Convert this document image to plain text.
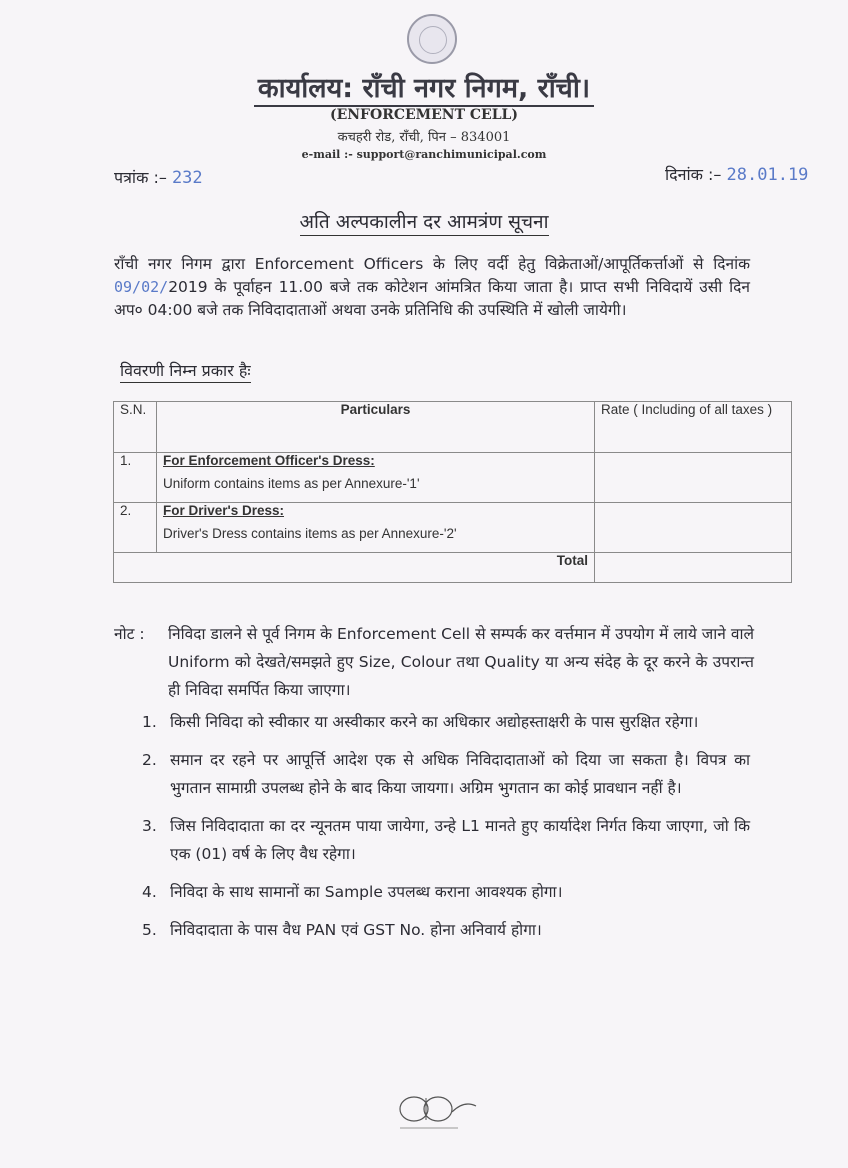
कार्यालय: राँची नगर निगम, राँची।
(ENFORCEMENT CELL)
कचहरी रोड, राँची, पिन – 834001
e-mail :- support@ranchimunicipal.com
पत्रांक :– 232	दिनांक :– 28.01.19
अति अल्पकालीन दर आमत्रंण सूचना
राँची नगर निगम द्वारा Enforcement Officers के लिए वर्दी हेतु विक्रेताओं/आपूर्तिकर्त्ताओं से दिनांक 09/02/2019 के पूर्वाहन 11.00 बजे तक कोटेशन आंमत्रित किया जाता है। प्राप्त सभी निविदायें उसी दिन अप० 04:00 बजे तक निविदादाताओं अथवा उनके प्रतिनिधि की उपस्थिति में खोली जायेगी।
विवरणी निम्न प्रकार हैः
S.N.	Particulars	Rate ( Including of all taxes )
1.	For Enforcement Officer's Dress:
Uniform contains items as per Annexure-'1'	
2.	For Driver's Dress:
Driver's Dress contains items as per Annexure-'2'	
Total		
नोट : निविदा डालने से पूर्व निगम के Enforcement Cell से सम्पर्क कर वर्त्तमान में उपयोग में लाये जाने वाले Uniform को देखते/समझते हुए Size, Colour तथा Quality या अन्य संदेह के दूर करने के उपरान्त ही निविदा समर्पित किया जाएगा।
1. किसी निविदा को स्वीकार या अस्वीकार करने का अधिकार अद्योहस्ताक्षरी के पास सुरक्षित रहेगा।
2. समान दर रहने पर आपूर्त्ति आदेश एक से अधिक निविदादाताओं को दिया जा सकता है। विपत्र का भुगतान सामाग्री उपलब्ध होने के बाद किया जायगा। अग्रिम भुगतान का कोई प्रावधान नहीं है।
3. जिस निविदादाता का दर न्यूनतम पाया जायेगा, उन्हे L1 मानते हुए कार्यादेश निर्गत किया जाएगा, जो कि एक (01) वर्ष के लिए वैध रहेगा।
4. निविदा के साथ सामानों का Sample उपलब्ध कराना आवश्यक होगा।
5. निविदादाता के पास वैध PAN एवं GST No. होना अनिवार्य होगा।
